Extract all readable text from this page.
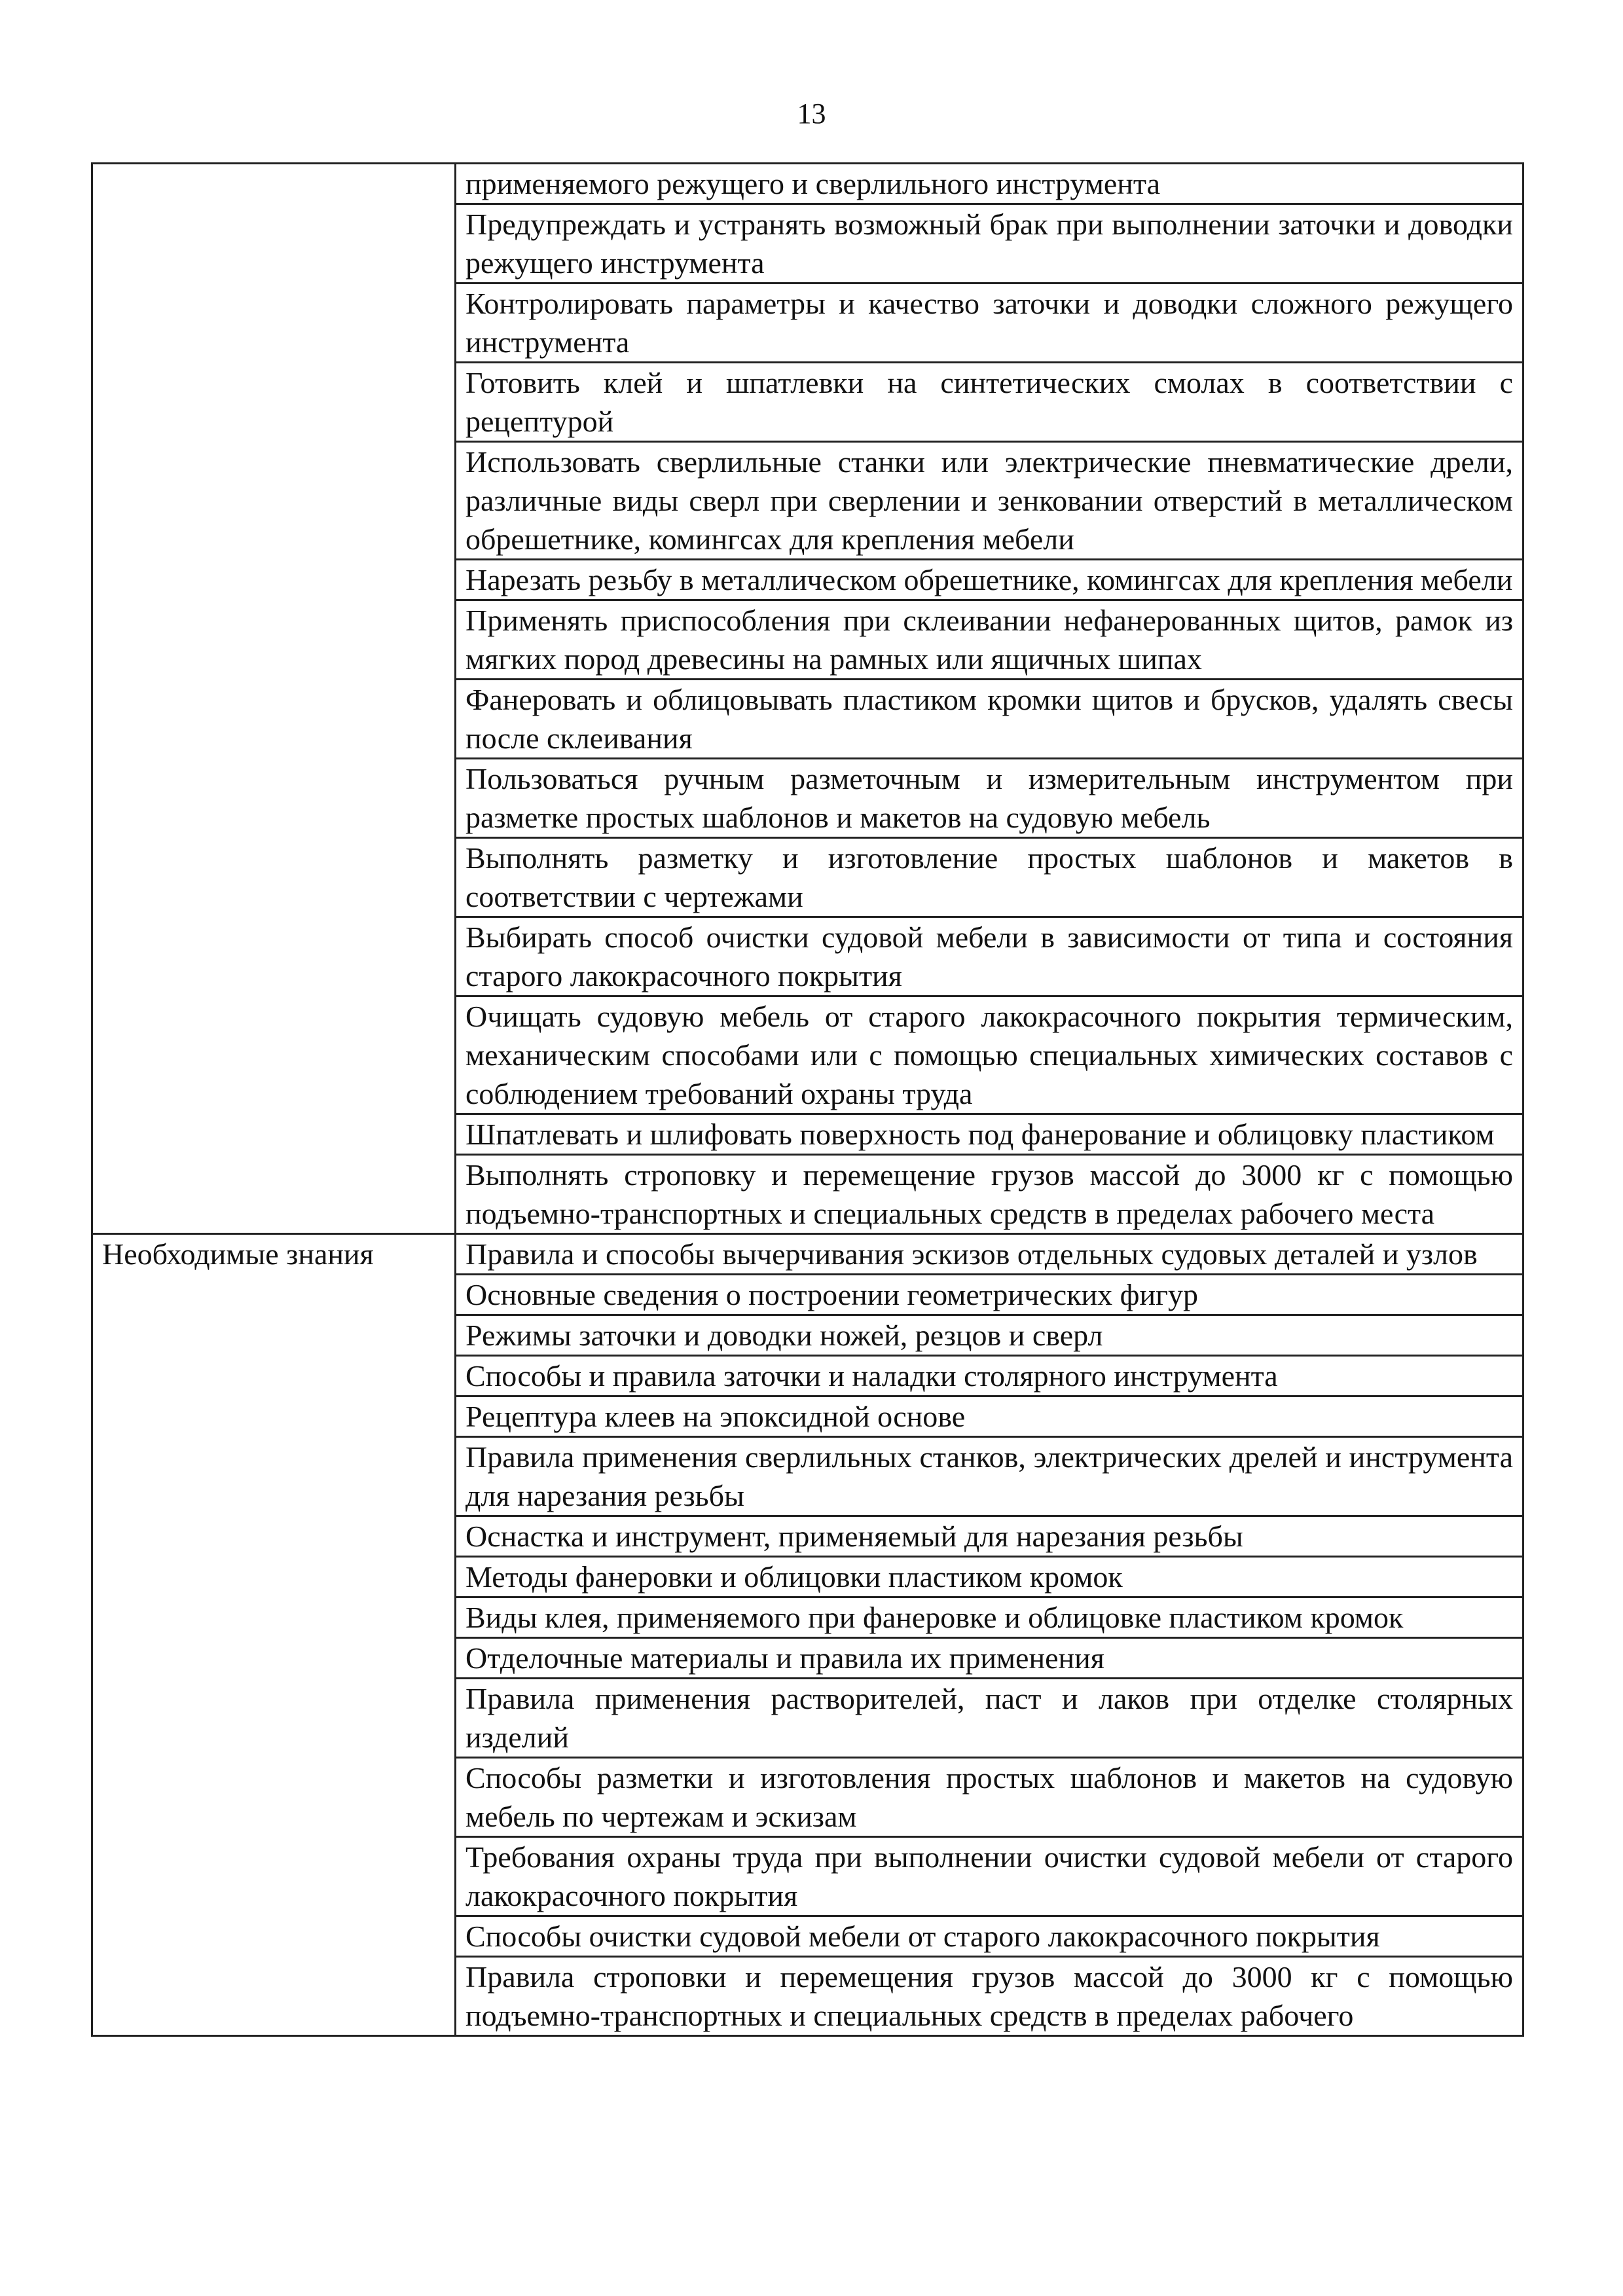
13
	применяемого режущего и сверлильного инструмента
	Предупреждать и устранять возможный брак при выполнении заточки и доводки режущего инструмента
	Контролировать параметры и качество заточки и доводки сложного режущего инструмента
	Готовить клей и шпатлевки на синтетических смолах в соответствии с рецептурой
	Использовать сверлильные станки или электрические пневматические дрели, различные виды сверл при сверлении и зенковании отверстий в металлическом обрешетнике, комингсах для крепления мебели
	Нарезать резьбу в металлическом обрешетнике, комингсах для крепления мебели
	Применять приспособления при склеивании нефанерованных щитов, рамок из мягких пород древесины на рамных или ящичных шипах
	Фанеровать и облицовывать пластиком кромки щитов и брусков, удалять свесы после склеивания
	Пользоваться ручным разметочным и измерительным инструментом при разметке простых шаблонов и макетов на судовую мебель
	Выполнять разметку и изготовление простых шаблонов и макетов в соответствии с чертежами
	Выбирать способ очистки судовой мебели в зависимости от типа и состояния старого лакокрасочного покрытия
	Очищать судовую мебель от старого лакокрасочного покрытия термическим, механическим способами или с помощью специальных химических составов с соблюдением требований охраны труда
	Шпатлевать и шлифовать поверхность под фанерование и облицовку пластиком
	Выполнять строповку и перемещение грузов массой до 3000 кг с помощью подъемно-транспортных и специальных средств в пределах рабочего места
Необходимые знания	Правила и способы вычерчивания эскизов отдельных судовых деталей и узлов
	Основные сведения о построении геометрических фигур
	Режимы заточки и доводки ножей, резцов и сверл
	Способы и правила заточки и наладки столярного инструмента
	Рецептура клеев на эпоксидной основе
	Правила применения сверлильных станков, электрических дрелей и инструмента для нарезания резьбы
	Оснастка и инструмент, применяемый для нарезания резьбы
	Методы фанеровки и облицовки пластиком кромок
	Виды клея, применяемого при фанеровке и облицовке пластиком кромок
	Отделочные материалы и правила их применения
	Правила применения растворителей, паст и лаков при отделке столярных изделий
	Способы разметки и изготовления простых шаблонов и макетов на судовую мебель по чертежам и эскизам
	Требования охраны труда при выполнении очистки судовой мебели от старого лакокрасочного покрытия
	Способы очистки судовой мебели от старого лакокрасочного покрытия
	Правила строповки и перемещения грузов массой до 3000 кг с помощью подъемно-транспортных и специальных средств в пределах рабочего
